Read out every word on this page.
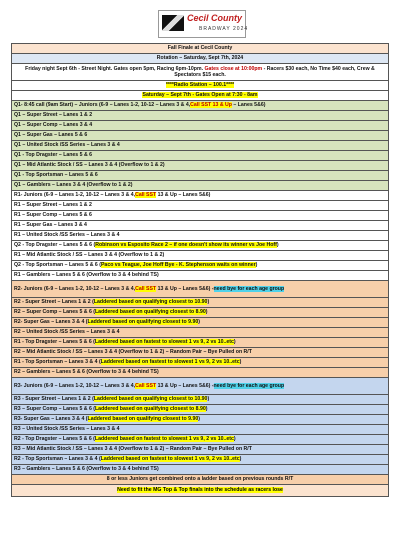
Cecil County
BRADWAY 2024
Fall Finale at Cecil County
Rotation – Saturday, Sept 7th, 2024
Friday night Sept 6th - Street Night. Gates open 5pm, Racing 6pm-10pm. Gates close at 10:00pm - Racers $30 each, No Time $40 each, Crew & Spectators $15 each.
****Radio Station – 100.1****
Saturday – Sept 7th - Gates Open at 7:30 - 8am
Q1- 8:45 call (9am Start) – Juniors (6-9 – Lanes 1-2, 10-12 – Lanes 3 & 4,Call SST 13 & Up – Lanes 5&6)
Q1 – Super Street – Lanes 1 & 2
Q1 – Super Comp – Lanes 3 & 4
Q1 – Super Gas – Lanes 5 & 6
Q1 – United Stock /SS Series – Lanes 3 & 4
Q1 - Top Dragster – Lanes 5 & 6
Q1 – Mid Atlantic Stock / SS – Lanes 3 & 4 (Overflow to 1 & 2)
Q1 - Top Sportsman – Lanes 5 & 6
Q1 – Gamblers – Lanes 3 & 4 (Overflow to 1 & 2)
R1- Juniors (6-9 – Lanes 1-2, 10-12 – Lanes 3 & 4,Call SST 13 & Up – Lanes 5&6)
R1 – Super Street – Lanes 1 & 2
R1 – Super Comp – Lanes 5 & 6
R1 – Super Gas – Lanes 3 & 4
R1 – United Stock /SS Series – Lanes 3 & 4
Q2 - Top Dragster – Lanes 5 & 6 (Robinson vs Esposito Race 2 – if one doesn't show its winner vs Joe Hoff)
R1 – Mid Atlantic Stock / SS – Lanes 3 & 4 (Overflow to 1 & 2)
Q2 - Top Sportsman – Lanes 5 & 6 (Paco vs Teague, Joe Hoff Bye - K. Stephenson waits on winner)
R1 – Gamblers – Lanes 5 & 6 (Overflow to 3 & 4 behind TS)
R2- Juniors (6-9 – Lanes 1-2, 10-12 – Lanes 3 & 4,Call SST 13 & Up – Lanes 5&6) -need bye for each age group
R2 - Super Street – Lanes 1 & 2 (Laddered based on qualifying closest to 10.90)
R2 – Super Comp – Lanes 5 & 6 (Laddered based on qualifying closest to 8.90)
R2- Super Gas – Lanes 3 & 4 (Laddered based on qualifying closest to 9.90)
R2 – United Stock /SS Series – Lanes 3 & 4
R1 - Top Dragster – Lanes 5 & 6 (Laddered based on fastest to slowest 1 vs 9, 2 vs 10..etc)
R2 – Mid Atlantic Stock / SS – Lanes 3 & 4 (Overflow to 1 & 2) – Random Pair – Bye Pulled on R/T
R1 - Top Sportsman – Lanes 3 & 4 (Laddered based on fastest to slowest 1 vs 9, 2 vs 10..etc)
R2 – Gamblers – Lanes 5 & 6 (Overflow to 3 & 4 behind TS)
R3- Juniors (6-9 – Lanes 1-2, 10-12 – Lanes 3 & 4,Call SST 13 & Up – Lanes 5&6) -need bye for each age group
R3 - Super Street – Lanes 1 & 2 (Laddered based on qualifying closest to 10.90)
R3 – Super Comp – Lanes 5 & 6 (Laddered based on qualifying closest to 8.90)
R3- Super Gas – Lanes 3 & 4 (Laddered based on qualifying closest to 9.90)
R3 – United Stock /SS Series – Lanes 3 & 4
R2 - Top Dragster – Lanes 5 & 6 (Laddered based on fastest to slowest 1 vs 9, 2 vs 10..etc)
R3 – Mid Atlantic Stock / SS – Lanes 3 & 4 (Overflow to 1 & 2) – Random Pair – Bye Pulled on R/T
R2 - Top Sportsman – Lanes 3 & 4 (Laddered based on fastest to slowest 1 vs 9, 2 vs 10..etc)
R3 – Gamblers – Lanes 5 & 6 (Overflow to 3 & 4 behind TS)
8 or less Juniors get combined onto a ladder based on previous rounds R/T
Need to fit the MG Top & Top finals into the schedule as racers lose
